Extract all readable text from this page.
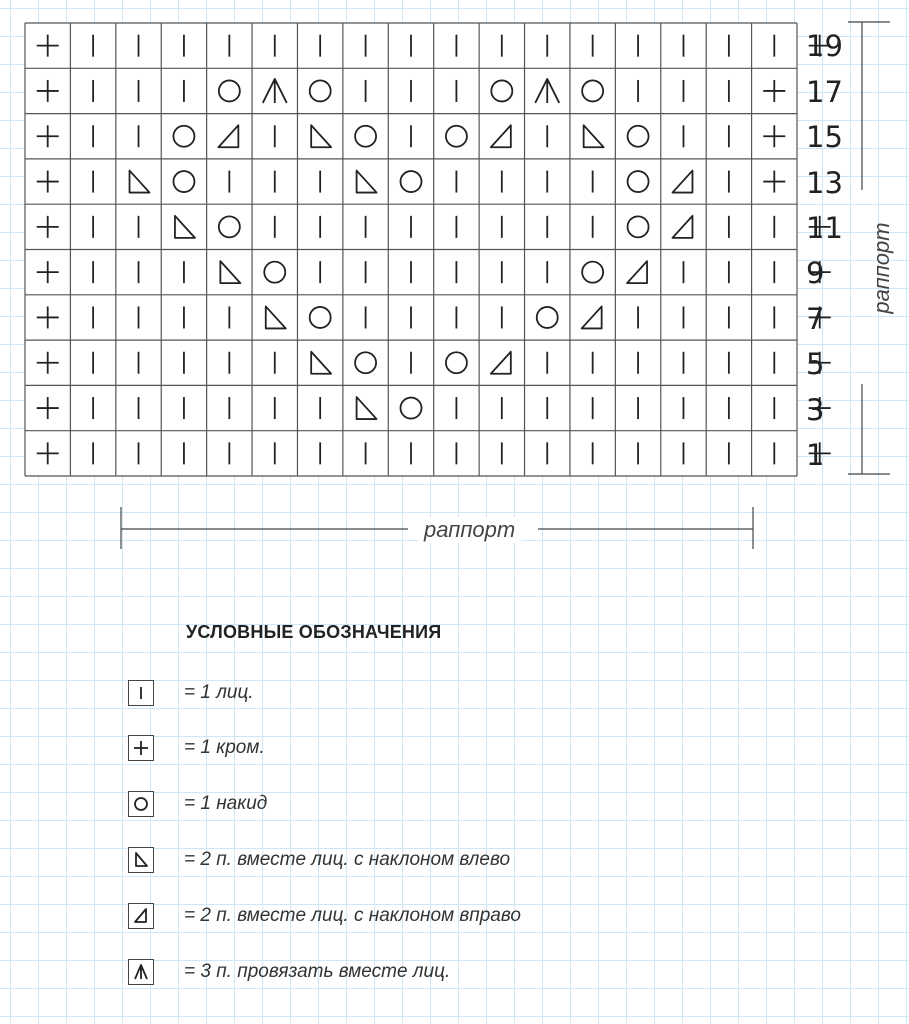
19
17
15
13
11
9
7
5
3
1
раппорт
раппорт
УСЛОВНЫЕ ОБОЗНАЧЕНИЯ
= 1 лиц.
= 1 кром.
= 1 накид
= 2 п. вместе лиц. с наклоном влево
= 2 п. вместе лиц. с наклоном вправо
= 3 п. провязать вместе лиц.
